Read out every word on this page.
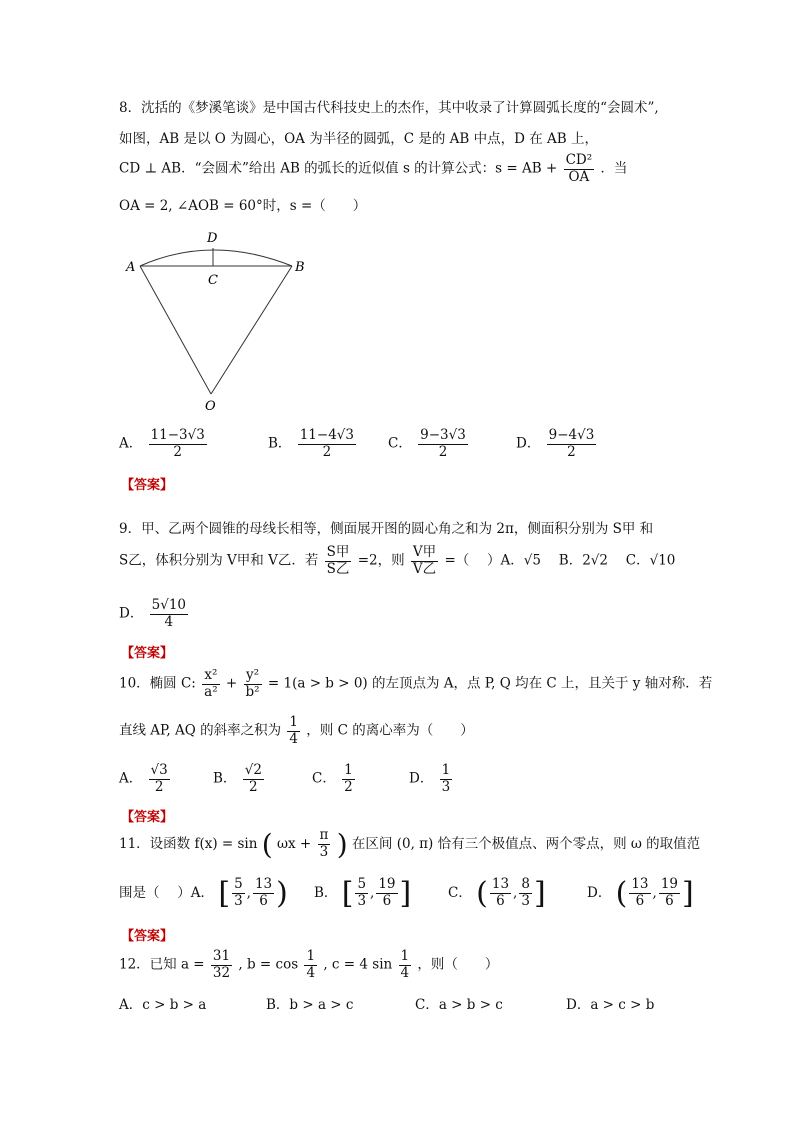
8．沈括的《梦溪笔谈》是中国古代科技史上的杰作，其中收录了计算圆弧长度的“会圆术”,
如图，AB 是以 O 为圆心，OA 为半径的圆弧，C 是的 AB 中点，D 在 AB 上，
CD ⊥ AB．“会圆术”给出 AB 的弧长的近似值 s 的计算公式：s = AB + $\frac{\text{CD²}}{OA}$ ．当
OA = 2, ∠AOB = 60°时，s =（　　）
A	B
C
D
O
A． $\frac{11-3√3}{2}$	B． $\frac{11-4√3}{2}$ C． $\frac{9-3√3}{2}$	D． $\frac{9-4√3}{2}$
【答案】
9．甲、乙两个圆锥的母线长相等，侧面展开图的圆心角之和为 2π，侧面积分别为 S甲 和
S乙，体积分别为 V甲和 V乙．若 $\frac{\text{S甲}}{\text{S乙}} =2$，则 $\frac{\text{V甲}}{\text{V乙}}$ =（　 ）A．√5　 B．2√2　 C．√10
D． $\frac{5√10}{4}$
【答案】
10．椭圆 C: $\frac{\text{x²}}{\text{a²}} + \frac{\text{y²}}{\text{b²}} = 1(a > b > 0)$ 的左顶点为 A，点 P, Q 均在 C 上，且关于 y 轴对称．若
直线 AP, AQ 的斜率之积为 $\frac{1}{4}$ ，则 C 的离心率为（　　）
A． $\frac{√3}{2}$	B． $\frac{√2}{2}$	C． $\frac{1}{2}$	D． $\frac{1}{3}$
【答案】
11．设函数 f(x) = sin ( $\omega x + \frac{\pi}{3}$ ) 在区间 (0, π) 恰有三个极值点、两个零点，则 ω 的取值范
围是（　 ）A． [ $\frac{5}{3}$ , $\frac{13}{6}$ ) B． [ $\frac{5}{3}$ , $\frac{19}{6}$ ]	C． ( $\frac{13}{6}$ , $\frac{8}{3}$ ]	D． ( $\frac{13}{6}$ , $\frac{19}{6}$ ]
【答案】
12．已知 $a = \frac{31}{32}$ , $b = \cos \frac{1}{4}$ , c = 4 $\sin \frac{1}{4}$ ，则（　　）
A．c > b > a	B．b > a > c	C．a > b > c	D．a > c > b
